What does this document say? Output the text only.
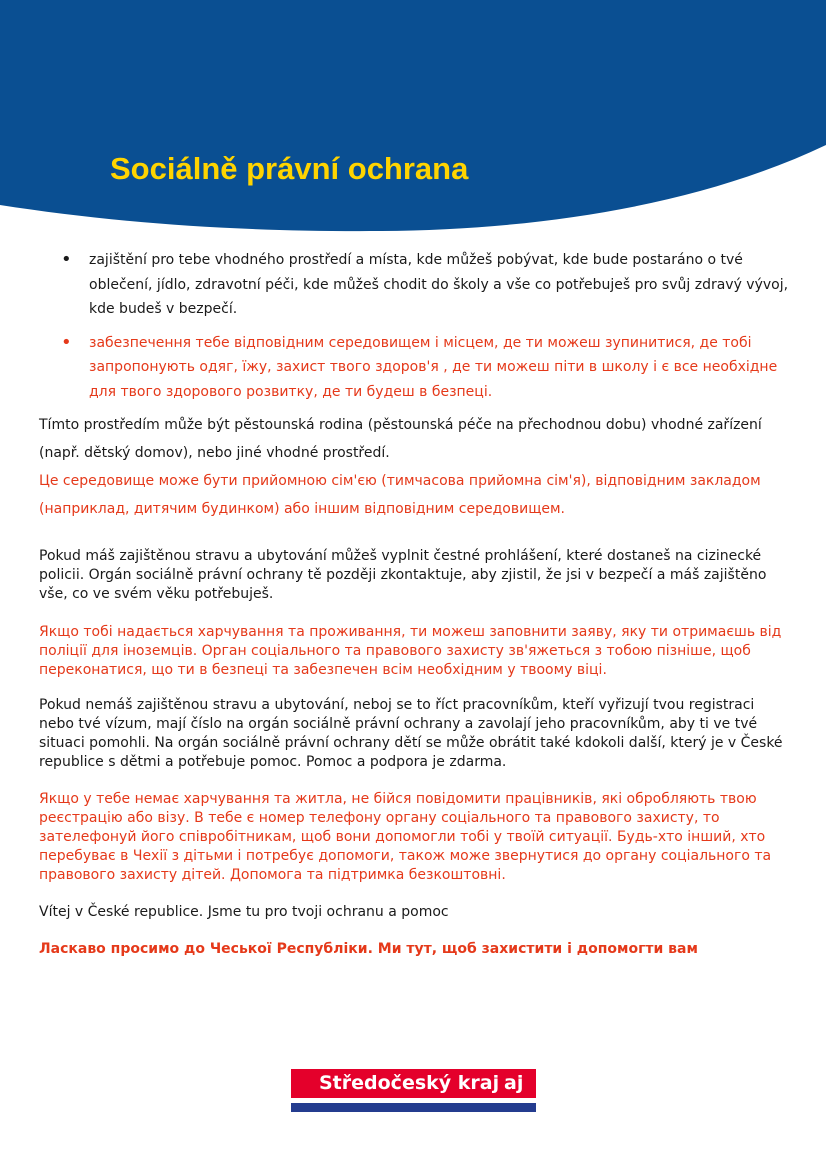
Sociálně právní ochrana
• zajištění pro tebe vhodného prostředí a místa, kde můžeš pobývat, kde bude postaráno o tvé oblečení, jídlo, zdravotní péči, kde můžeš chodit do školy a vše co potřebuješ pro svůj zdravý vývoj, kde budeš v bezpečí.
• забезпечення тебе відповідним середовищем і місцем, де ти можеш зупинитися, де тобі запропонують одяг, їжу, захист твого здоров'я , де ти можеш піти в школу і є все необхідне для твого здорового розвитку, де ти будеш в безпеці.

Tímto prostředím může být pěstounská rodina (pěstounská péče na přechodnou dobu) vhodné zařízení (např. dětský domov), nebo jiné vhodné prostředí.

Це середовище може бути прийомною сім'єю (тимчасова прийомна сім'я), відповідним закладом (наприклад, дитячим будинком) або іншим відповідним середовищем.

Pokud máš zajištěnou stravu a ubytování můžeš vyplnit čestné prohlášení, které dostaneš na cizinecké policii. Orgán sociálně právní ochrany tě později zkontaktuje, aby zjistil, že jsi v bezpečí a máš zajištěno vše, co ve svém věku potřebuješ.

Якщо тобі надається харчування та проживання, ти можеш заповнити заяву, яку ти отримаєшь від поліції для іноземців. Орган соціального та правового захисту зв'яжеться з тобою пізніше, щоб переконатися, що ти в безпеці та забезпечен всім необхідним у твоому віці.

Pokud nemáš zajištěnou stravu a ubytování, neboj se to říct pracovníkům, kteří vyřizují tvou registraci nebo tvé vízum, mají číslo na orgán sociálně právní ochrany a zavolají jeho pracovníkům, aby ti ve tvé situaci pomohli. Na orgán sociálně právní ochrany dětí se může obrátit také kdokoli další, který je v České republice s dětmi a potřebuje pomoc. Pomoc a podpora je zdarma.

Якщо у тебе немає харчування та житла, не бійся повідомити працівників, які обробляють твою реєстрацію або візу. В тебе є номер телефону органу соціального та правового захисту, то зателефонуй його співробітникам, щоб вони допомогли тобі у твоїй ситуації. Будь-хто інший, хто перебуває в Чехії з дітьми і потребує допомоги, також може звернутися до органу соціального та правового захисту дітей. Допомога та підтримка безкоштовні.

Vítej v České republice. Jsme tu pro tvoji ochranu a pomoc

Ласкаво просимо до Чеської Республіки. Ми тут, щоб захистити і допомогти вам

Středočeský kraj aj
